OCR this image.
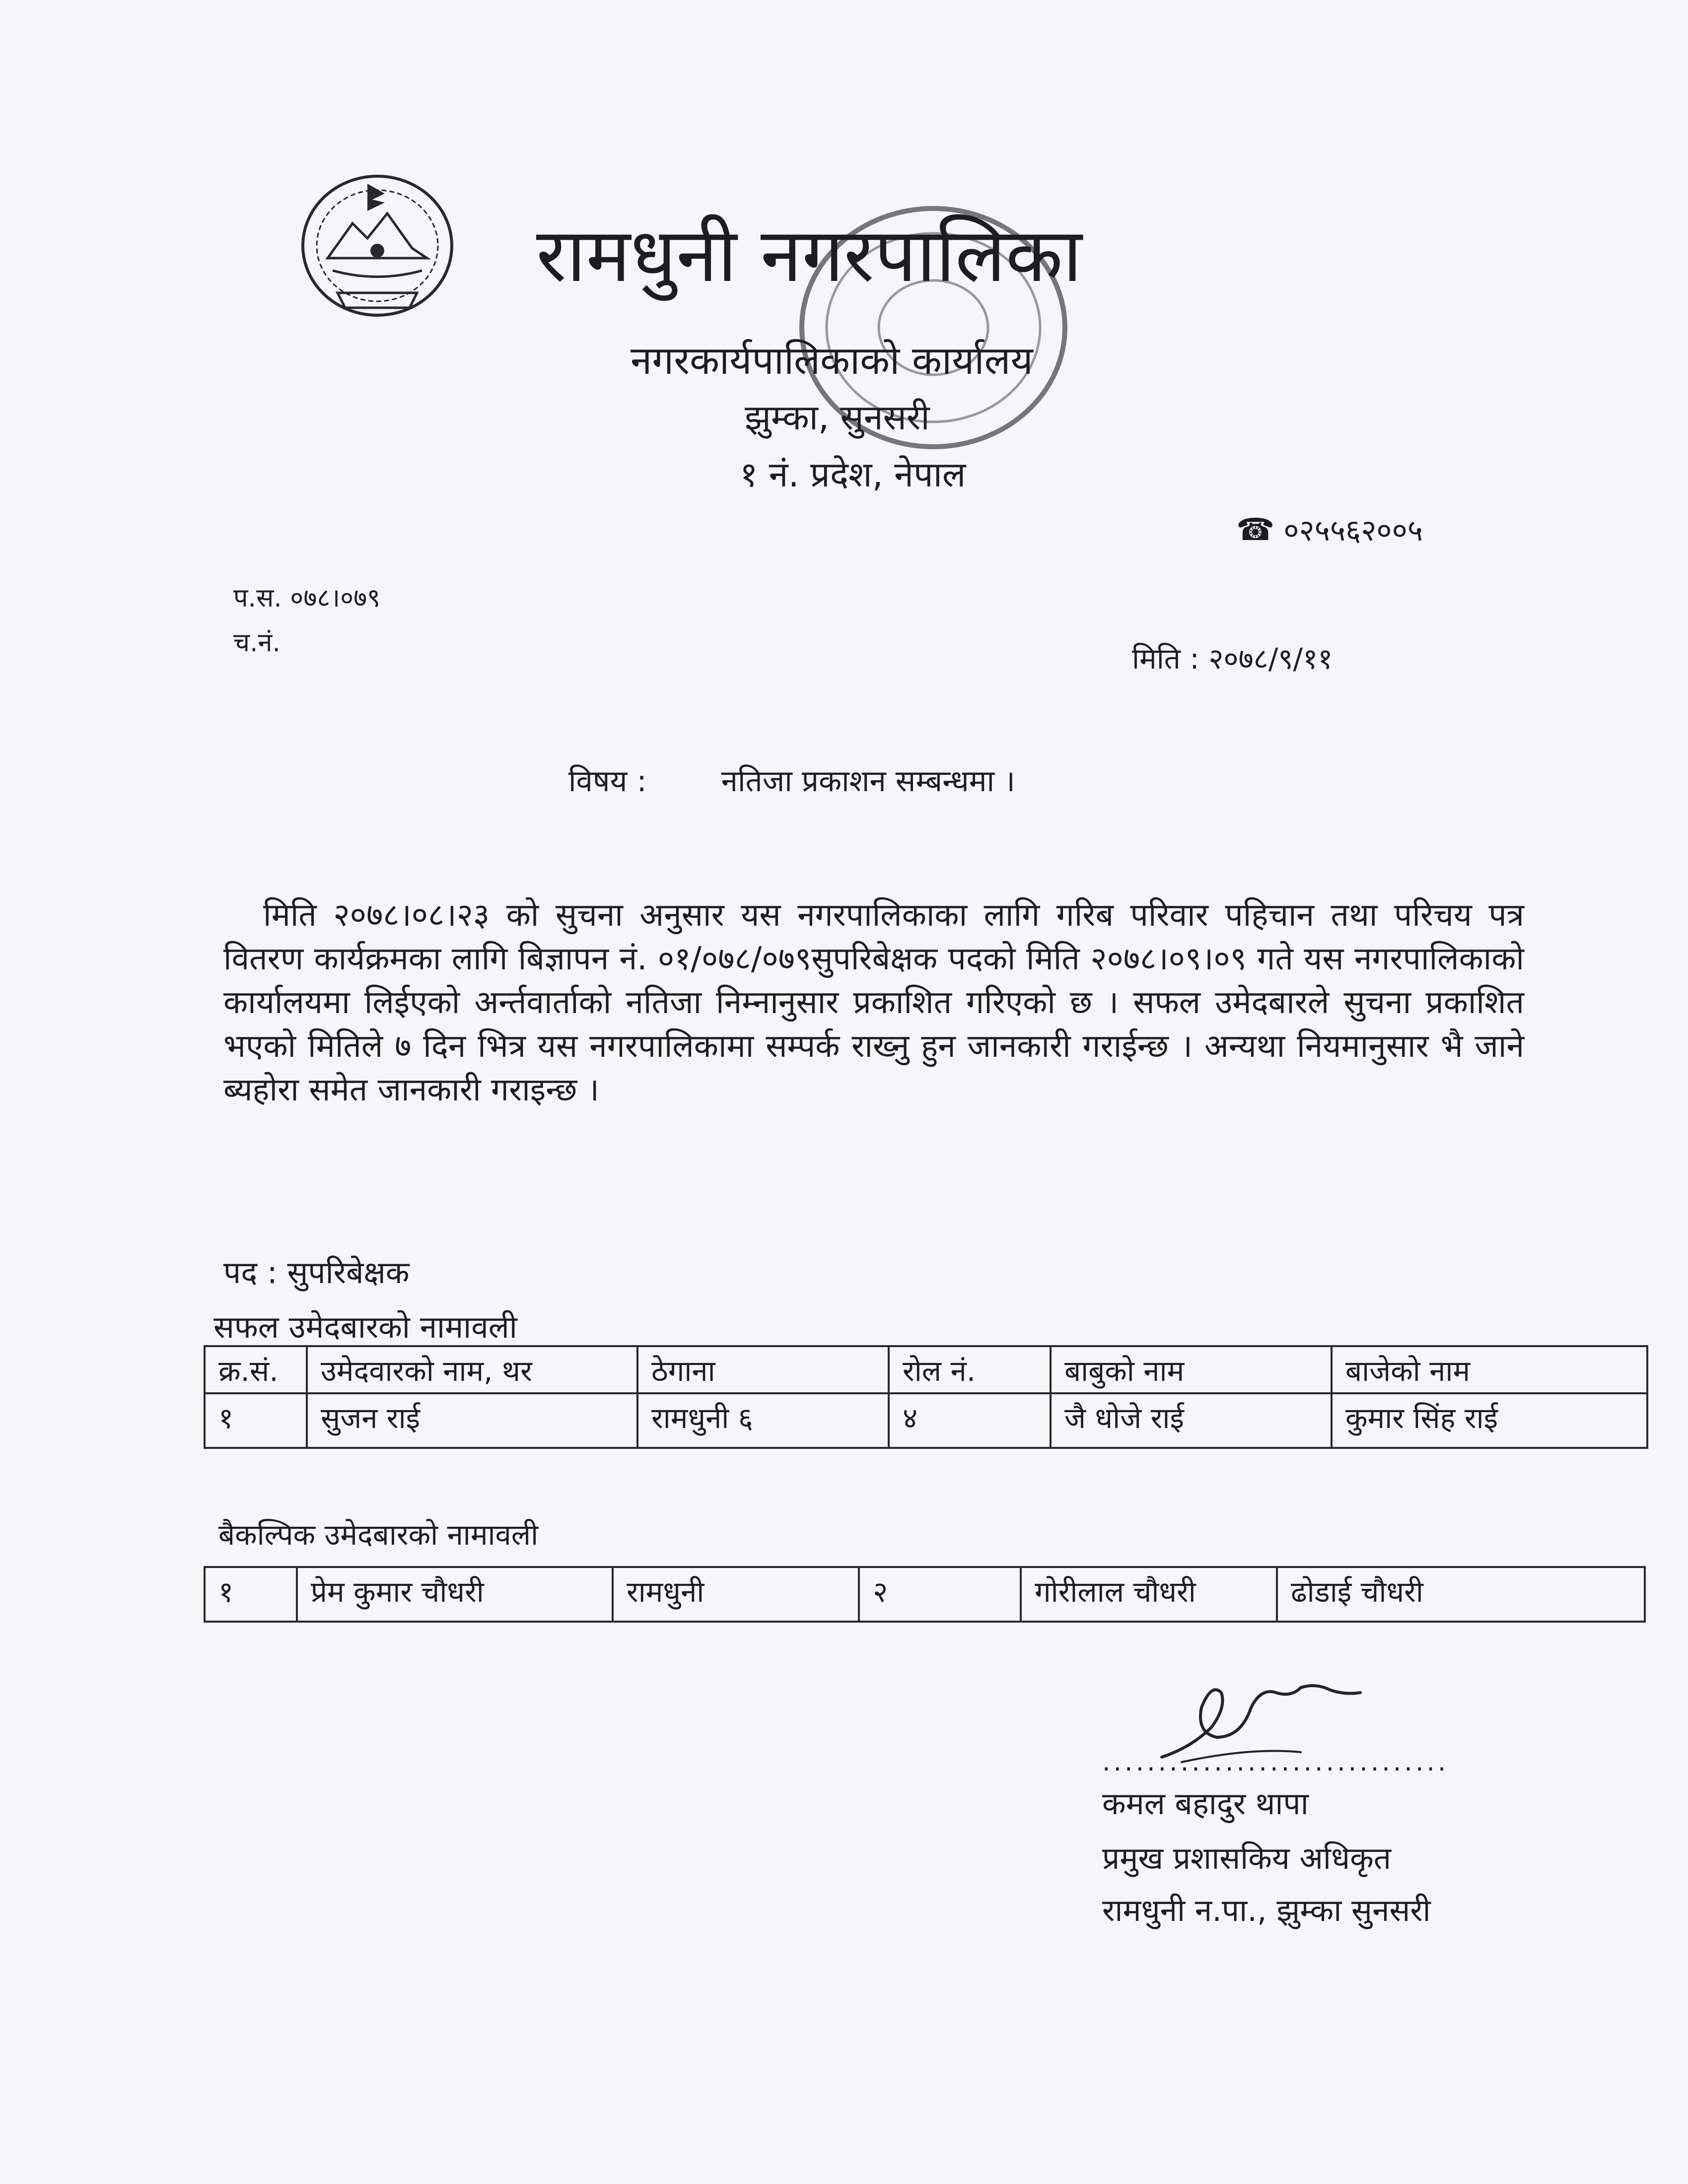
रामधुनी नगरपालिका
नगरकार्यपालिकाको कार्यालय
झुम्का, सुनसरी
१ नं. प्रदेश, नेपाल
☎ ०२५५६२००५
प.स. ०७८।०७९
च.नं.	मिति : २०७८/९/११
विषय :	नतिजा प्रकाशन सम्बन्धमा ।
मिति २०७८।०८।२३ को सुचना अनुसार यस नगरपालिकाका लागि गरिब परिवार पहिचान तथा परिचय पत्र वितरण कार्यक्रमका लागि बिज्ञापन नं. ०१/०७८/०७९सुपरिबेक्षक पदको मिति २०७८।०९।०९ गते यस नगरपालिकाको कार्यालयमा लिईएको अर्न्तवार्ताको नतिजा निम्नानुसार प्रकाशित गरिएको छ । सफल उमेदबारले सुचना प्रकाशित भएको मितिले ७ दिन भित्र यस नगरपालिकामा सम्पर्क राख्नु हुन जानकारी गराईन्छ । अन्यथा नियमानुसार भै जाने ब्यहोरा समेत जानकारी गराइन्छ ।
पद : सुपरिबेक्षक
सफल उमेदबारको नामावली
क्र.सं.	उमेदवारको नाम, थर	ठेगाना	रोल नं.	बाबुको नाम	बाजेको नाम
१	सुजन राई	रामधुनी ६	४	जै धोजे राई	कुमार सिंह राई
बैकल्पिक उमेदबारको नामावली
१	प्रेम कुमार चौधरी	रामधुनी	२	गोरीलाल चौधरी	ढोडाई चौधरी
...............................
कमल बहादुर थापा
प्रमुख प्रशासकिय अधिकृत
रामधुनी न.पा., झुम्का सुनसरी
